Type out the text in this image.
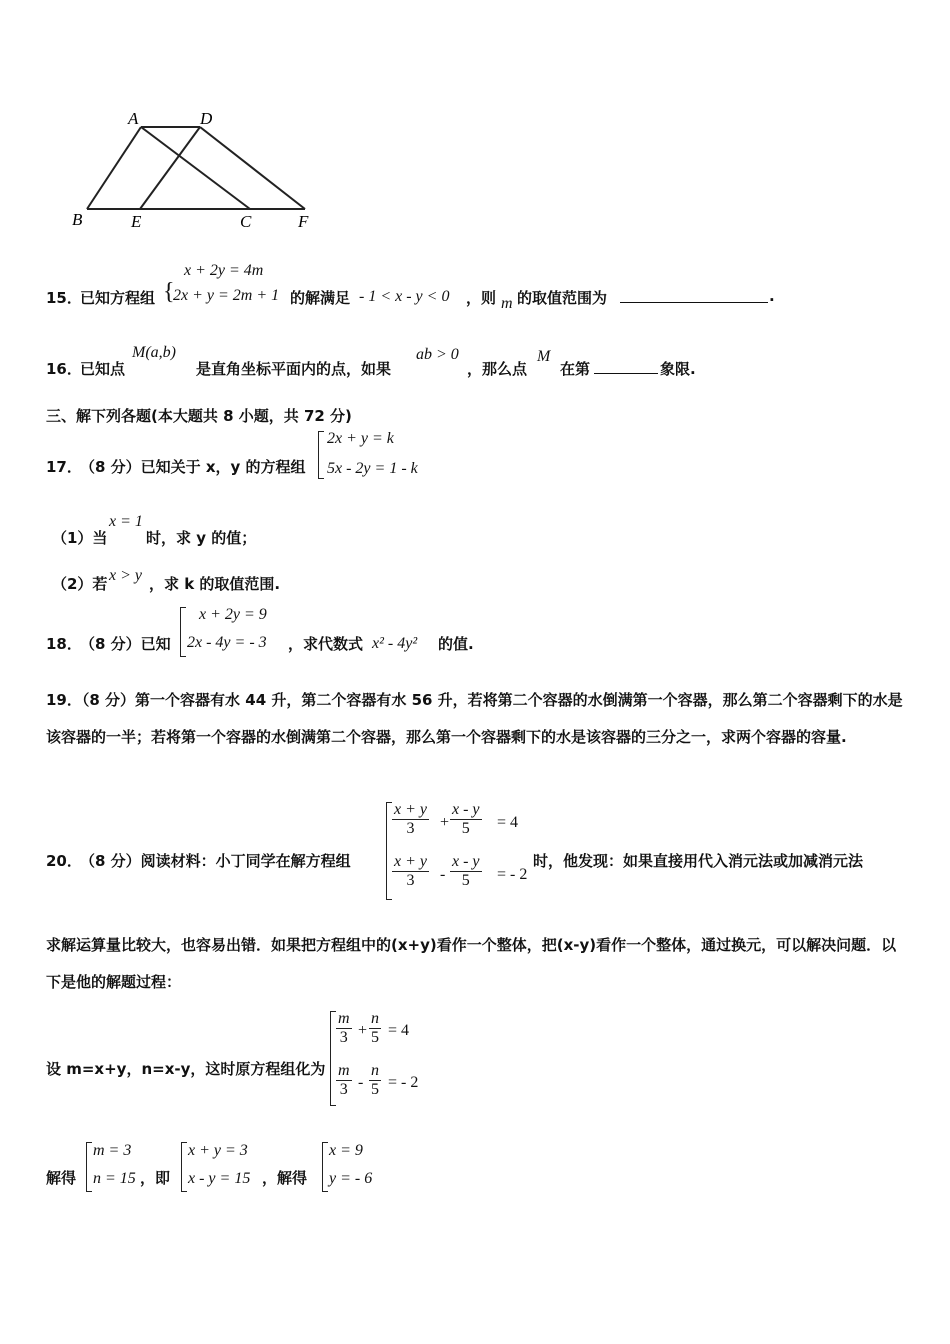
A	D
B	E	C	F
15．
已知方程组 {
x + 2y = 4m
2x + y = 2m + 1 的解满足 - 1 < x - y < 0 ，则 m 的取值范围为	.
16．
已知点
M(a,b)
是直角坐标平面内的点，如果
ab > 0
，那么点
M
在第	象限.
三、解下列各题(本大题共 8 小题，共 72 分)
17．
（8 分）已知关于 x，y 的方程组
2x + y = k
5x - 2y = 1 - k
（1）当
x = 1
时，求 y 的值；
（2）若 x > y ，求 k 的取值范围.
18．
（8 分）已知
x + 2y = 9
2x - 4y = - 3 ，求代数式 x² - 4y² 的值.
19．（8 分）第一个容器有水 44 升，第二个容器有水 56 升，若将第二个容器的水倒满第一个容器，那么第二个容器剩下的水是该容器的一半；若将第一个容器的水倒满第二个容器，那么第一个容器剩下的水是该容器的三分之一，求两个容器的容量.
20．
（8 分）阅读材料：小丁同学在解方程组
$\frac{x + y}{3} + \frac{x - y}{5} = 4$
$\frac{x + y}{3} - \frac{x - y}{5}$ = - 2
时，他发现：如果直接用代入消元法或加减消元法
求解运算量比较大，也容易出错．如果把方程组中的(x+y)看作一个整体，把(x-y)看作一个整体，通过换元，可以解决问题．以下是他的解题过程：
设 m=x+y，n=x-y，这时原方程组化为
$\frac{m}{3} + \frac{n}{5} = 4$
$\frac{m}{3} - \frac{n}{5}$ = - 2
解得
m = 3
n = 15 ，即
x + y = 3
x - y = 15 ，解得
x = 9
y = - 6
